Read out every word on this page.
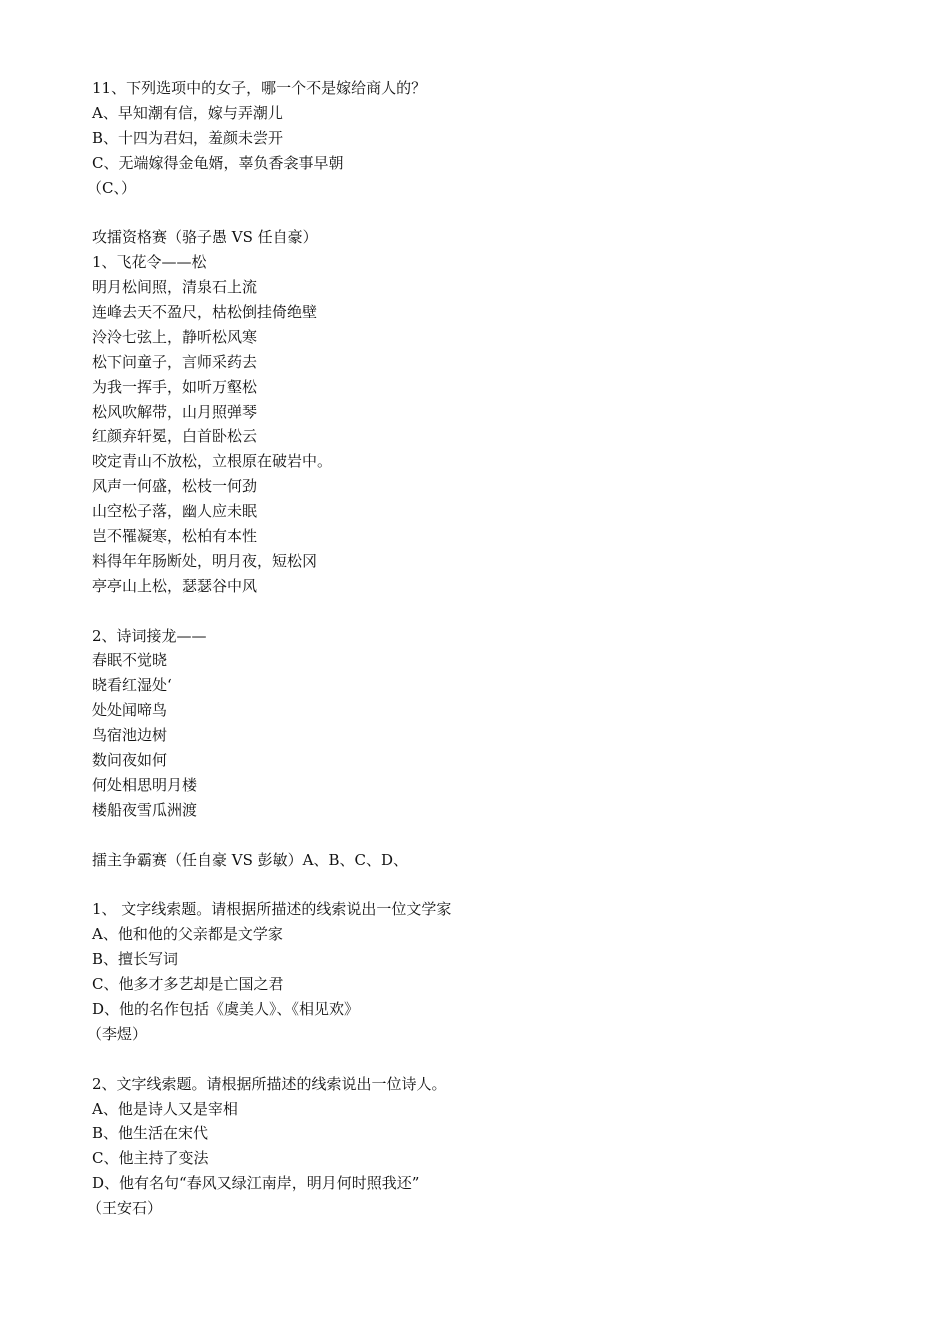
11、下列选项中的女子，哪一个不是嫁给商人的？
A、早知潮有信，嫁与弄潮儿
B、十四为君妇，羞颜未尝开
C、无端嫁得金龟婿，辜负香衾事早朝
（C、）
攻擂资格赛（骆子愚 VS 任自豪）
1、飞花令——松
明月松间照，清泉石上流
连峰去天不盈尺，枯松倒挂倚绝壁
泠泠七弦上，静听松风寒
松下问童子，言师采药去
为我一挥手，如听万壑松
松风吹解带，山月照弹琴
红颜弃轩冕，白首卧松云
咬定青山不放松，立根原在破岩中。
风声一何盛，松枝一何劲
山空松子落，幽人应未眠
岂不罹凝寒，松柏有本性
料得年年肠断处，明月夜，短松冈
亭亭山上松，瑟瑟谷中风
2、诗词接龙——
春眠不觉晓
晓看红湿处‘
处处闻啼鸟
鸟宿池边树
数问夜如何
何处相思明月楼
楼船夜雪瓜洲渡
擂主争霸赛（任自豪 VS 彭敏）A、B、C、D、
1、 文字线索题。请根据所描述的线索说出一位文学家
A、他和他的父亲都是文学家
B、擅长写词
C、他多才多艺却是亡国之君
D、他的名作包括《虞美人》、《相见欢》
（李煜）
2、文字线索题。请根据所描述的线索说出一位诗人。
A、他是诗人又是宰相
B、他生活在宋代
C、他主持了变法
D、他有名句“春风又绿江南岸，明月何时照我还”
（王安石）
